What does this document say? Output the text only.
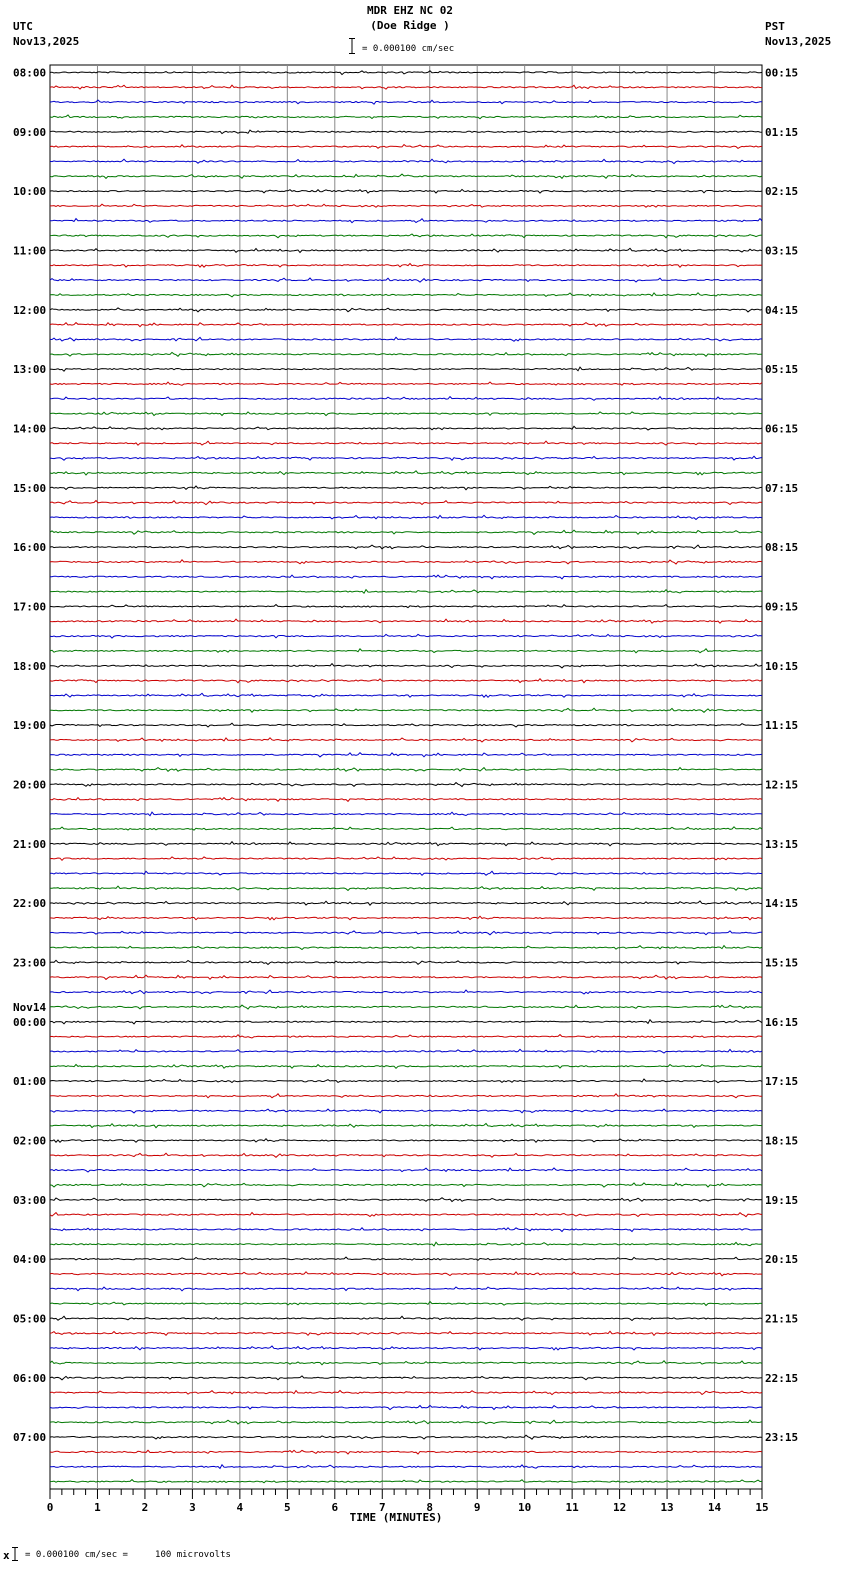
MDR EHZ NC 02
(Doe Ridge )
= 0.000100 cm/sec
UTC
Nov13,2025
PST
Nov13,2025
08:00	00:15
09:00	01:15
10:00	02:15
11:00	03:15
12:00	04:15
13:00	05:15
14:00	06:15
15:00	07:15
16:00	08:15
17:00	09:15
18:00	10:15
19:00	11:15
20:00	12:15
21:00	13:15
22:00	14:15
23:00	15:15
00:00	16:15
01:00	17:15
02:00	18:15
03:00	19:15
04:00	20:15
05:00	21:15
06:00	22:15
07:00	23:15
Nov14
0	1	2	3	4	5	6	7	8	9	10	11	12	13	14	15
TIME (MINUTES)
x = 0.000100 cm/sec =     100 microvolts
